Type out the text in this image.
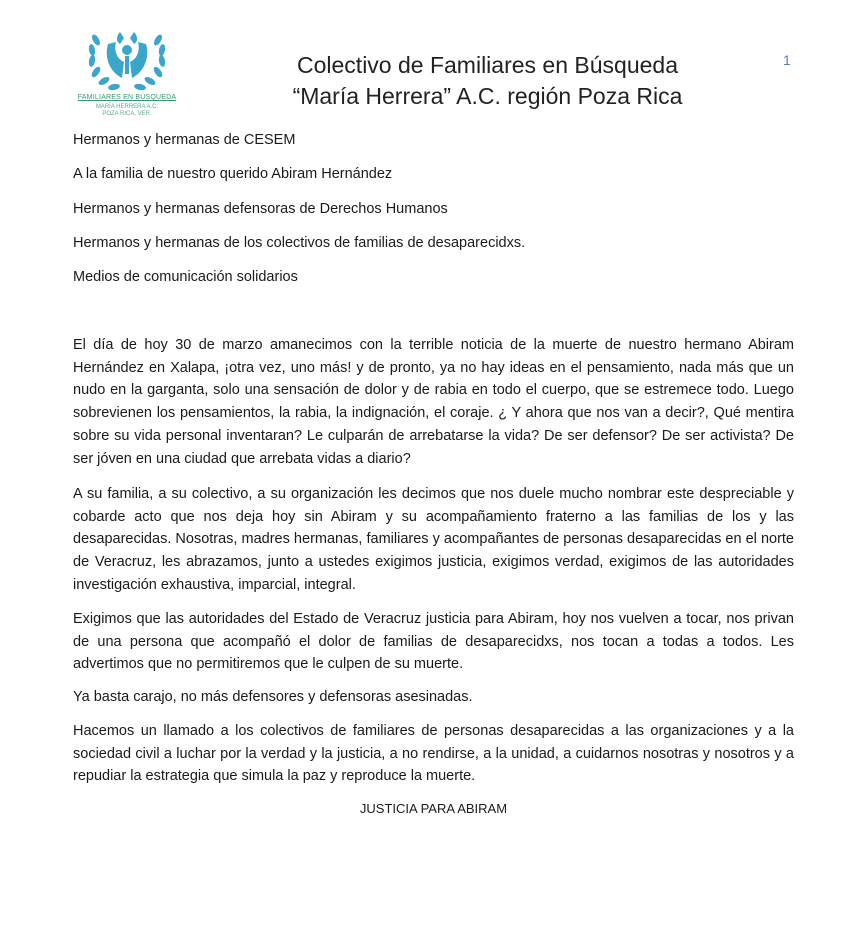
FAMILIARES EN BÚSQUEDA
MARÍA HERRERA A.C.
POZA RICA, VER.
Colectivo de Familiares en Búsqueda
“María Herrera” A.C. región Poza Rica
1
Hermanos y hermanas de CESEM
A la familia de nuestro querido Abiram Hernández
Hermanos y hermanas defensoras de Derechos Humanos
Hermanos y hermanas de los colectivos de familias de desaparecidxs.
Medios de comunicación solidarios
El día de hoy 30 de marzo amanecimos con la terrible noticia de la muerte de nuestro hermano Abiram Hernández en Xalapa, ¡otra vez, uno más! y de pronto, ya no hay ideas en el pensamiento, nada más que un nudo en la garganta, solo una sensación de dolor y de rabia en todo el cuerpo, que se estremece todo. Luego sobrevienen los pensamientos, la rabia, la indignación, el coraje. ¿ Y ahora que nos van a decir?, Qué mentira sobre su vida personal inventaran? Le culparán de arrebatarse la vida? De ser defensor? De ser activista? De ser jóven en una ciudad que arrebata vidas a diario?
A su familia, a su colectivo, a su organización les decimos que nos duele mucho nombrar este despreciable y cobarde acto que nos deja hoy sin Abiram y su acompañamiento fraterno a las familias de los y las desaparecidas. Nosotras, madres hermanas, familiares y acompañantes de personas desaparecidas en el norte de Veracruz, les abrazamos, junto a ustedes exigimos justicia, exigimos verdad, exigimos de las autoridades investigación exhaustiva, imparcial, integral.
Exigimos que las autoridades del Estado de Veracruz justicia para Abiram, hoy nos vuelven a tocar, nos privan de una persona que acompañó el dolor de familias de desaparecidxs, nos tocan a todas a todos. Les advertimos que no permitiremos que le culpen de su muerte.
Ya basta carajo, no más defensores y defensoras asesinadas.
Hacemos un llamado a los colectivos de familiares de personas desaparecidas a las organizaciones y a la sociedad civil a luchar por la verdad y la justicia, a no rendirse, a la unidad, a cuidarnos nosotras y nosotros y a repudiar la estrategia que simula la paz y reproduce la muerte.
JUSTICIA PARA ABIRAM
